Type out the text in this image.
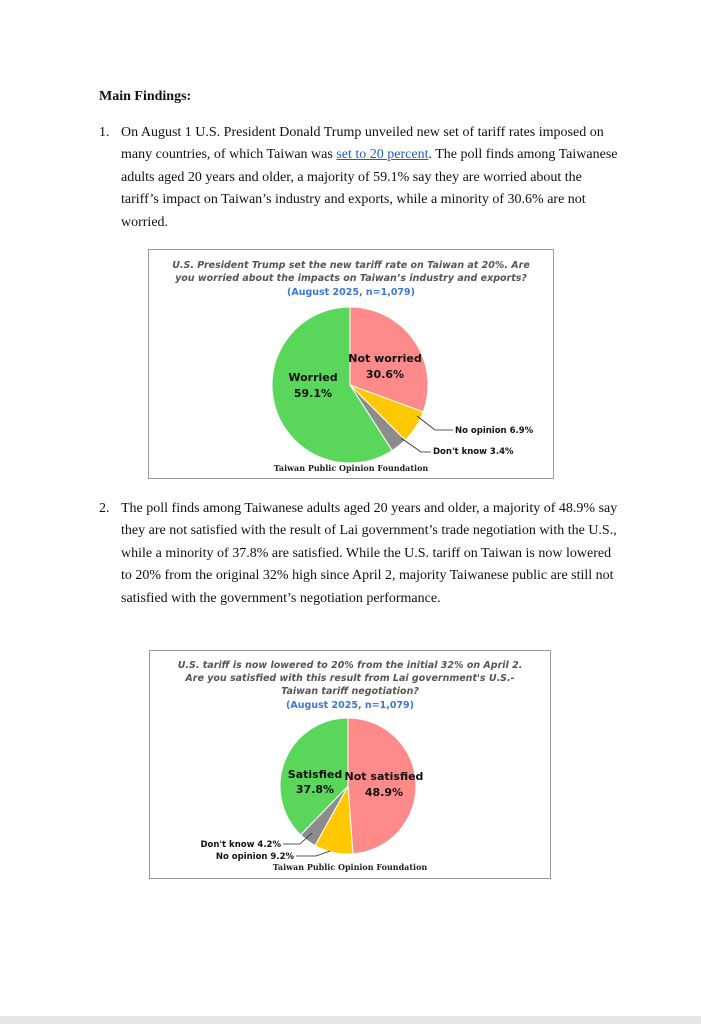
Main Findings:
1. On August 1 U.S. President Donald Trump unveiled new set of tariff rates imposed on many countries, of which Taiwan was set to 20 percent. The poll finds among Taiwanese adults aged 20 years and older, a majority of 59.1% say they are worried about the tariff’s impact on Taiwan’s industry and exports, while a minority of 30.6% are not worried.
U.S. President Trump set the new tariff rate on Taiwan at 20%. Are
you worried about the impacts on Taiwan’s industry and exports?
(August 2025, n=1,079)
Worried
59.1%
Not worried
30.6%
No opinion 6.9%
Don't know 3.4%
Taiwan Public Opinion Foundation
2. The poll finds among Taiwanese adults aged 20 years and older, a majority of 48.9% say they are not satisfied with the result of Lai government’s trade negotiation with the U.S., while a minority of 37.8% are satisfied. While the U.S. tariff on Taiwan is now lowered to 20% from the original 32% high since April 2, majority Taiwanese public are still not satisfied with the government’s negotiation performance.
U.S. tariff is now lowered to 20% from the initial 32% on April 2.
Are you satisfied with this result from Lai government's U.S.-
Taiwan tariff negotiation?
(August 2025, n=1,079)
Satisfied
37.8%
Not satisfied
48.9%
Don't know 4.2%
No opinion 9.2%
Taiwan Public Opinion Foundation
